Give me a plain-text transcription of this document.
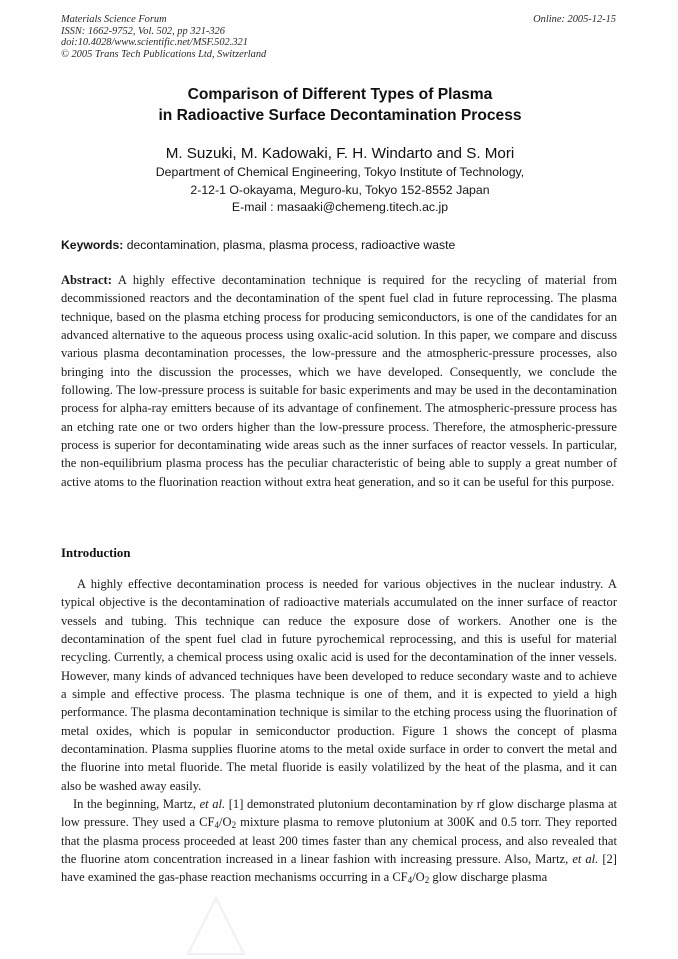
Materials Science Forum
ISSN: 1662-9752, Vol. 502, pp 321-326
doi:10.4028/www.scientific.net/MSF.502.321
© 2005 Trans Tech Publications Ltd, Switzerland
Online: 2005-12-15
Comparison of Different Types of Plasma
in Radioactive Surface Decontamination Process
M. Suzuki, M. Kadowaki, F. H. Windarto and S. Mori
Department of Chemical Engineering, Tokyo Institute of Technology,
2-12-1 O-okayama, Meguro-ku, Tokyo 152-8552 Japan
E-mail : masaaki@chemeng.titech.ac.jp
Keywords: decontamination, plasma, plasma process, radioactive waste

Abstract: A highly effective decontamination technique is required for the recycling of material from decommissioned reactors and the decontamination of the spent fuel clad in future reprocessing. The plasma technique, based on the plasma etching process for producing semiconductors, is one of the candidates for an advanced alternative to the aqueous process using oxalic-acid solution. In this paper, we compare and discuss various plasma decontamination processes, the low-pressure and the atmospheric-pressure processes, also bringing into the discussion the processes, which we have developed. Consequently, we conclude the following. The low-pressure process is suitable for basic experiments and may be used in the decontamination process for alpha-ray emitters because of its advantage of confinement. The atmospheric-pressure process has an etching rate one or two orders higher than the low-pressure process. Therefore, the atmospheric-pressure process is superior for decontaminating wide areas such as the inner surfaces of reactor vessels. In particular, the non-equilibrium plasma process has the peculiar characteristic of being able to supply a great number of active atoms to the fluorination reaction without extra heat generation, and so it can be useful for this purpose.

Introduction

A highly effective decontamination process is needed for various objectives in the nuclear industry. A typical objective is the decontamination of radioactive materials accumulated on the inner surface of reactor vessels and tubing. This technique can reduce the exposure dose of workers. Another one is the decontamination of the spent fuel clad in future pyrochemical reprocessing, and this is useful for material recycling. Currently, a chemical process using oxalic acid is used for the decontamination of the inner vessels. However, many kinds of advanced techniques have been developed to reduce secondary waste and to achieve a simple and effective process. The plasma technique is one of them, and it is expected to yield a high performance. The plasma decontamination technique is similar to the etching process using the fluorination of metal oxides, which is popular in semiconductor production. Figure 1 shows the concept of plasma decontamination. Plasma supplies fluorine atoms to the metal oxide surface in order to convert the metal and the fluorine into metal fluoride. The metal fluoride is easily volatilized by the heat of the plasma, and it can also be washed away easily.

In the beginning, Martz, et al. [1] demonstrated plutonium decontamination by rf glow discharge plasma at low pressure. They used a $CF_4/O_2$ mixture plasma to remove plutonium at 300K and 0.5 torr. They reported that the plasma process proceeded at least 200 times faster than any chemical process, and also revealed that the fluorine atom concentration increased in a linear fashion with increasing pressure. Also, Martz, et al. [2] have examined the gas-phase reaction mechanisms occurring in a $CF_4/O_2$ glow discharge plasma
